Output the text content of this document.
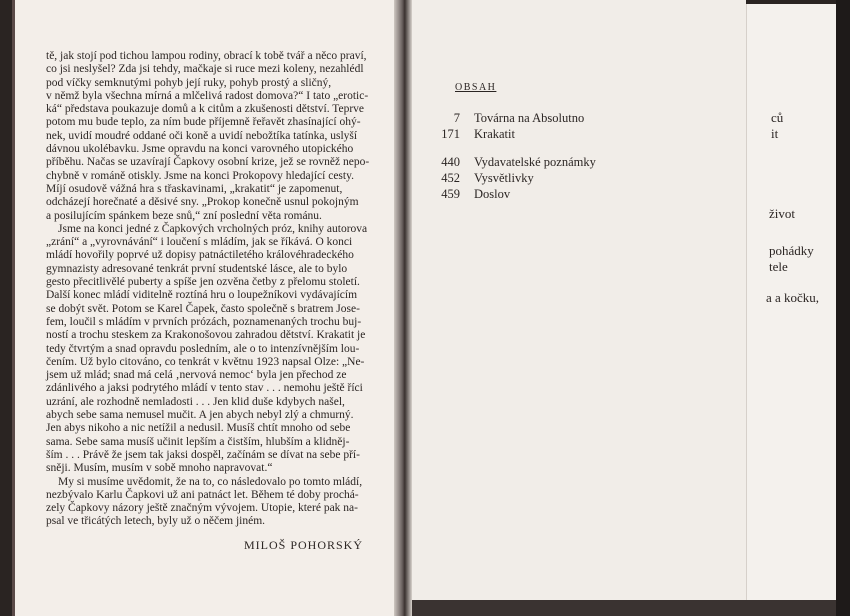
tě, jak stojí pod tichou lampou rodiny, obrací k tobě tvář a něco praví,
co jsi neslyšel? Zda jsi tehdy, mačkaje si ruce mezi koleny, nezahlédl
pod víčky semknutými pohyb její ruky, pohyb prostý a sličný,
v němž byla všechna mírná a mlčelivá radost domova?“ I tato „erotic-
ká“ představa poukazuje domů a k citům a zkušenosti dětství. Teprve
potom mu bude teplo, za ním bude příjemně řeřavět zhasínající ohý-
nek, uvidí moudré oddané oči koně a uvidí nebožtíka tatínka, uslyší
dávnou ukolébavku. Jsme opravdu na konci varovného utopického
příběhu. Načas se uzavírají Čapkovy osobní krize, jež se rovněž nepo-
chybně v románě otiskly. Jsme na konci Prokopovy hledající cesty.
Míjí osudově vážná hra s třaskavinami, „krakatit“ je zapomenut,
odcházejí horečnaté a děsivé sny. „Prokop konečně usnul pokojným
a posilujícím spánkem beze snů,“ zní poslední věta románu.
Jsme na konci jedné z Čapkových vrcholných próz, knihy autorova
„zrání“ a „vyrovnávání“ i loučení s mládím, jak se říkává. O konci
mládí hovořily poprvé už dopisy patnáctiletého královéhradeckého
gymnazisty adresované tenkrát první studentské lásce, ale to bylo
gesto přecitlivělé puberty a spíše jen ozvěna četby z přelomu století.
Další konec mládí viditelně roztíná hru o loupežníkovi vydávajícím
se dobýt svět. Potom se Karel Čapek, často společně s bratrem Jose-
fem, loučil s mládím v prvních prózách, poznamenaných trochu buj-
ností a trochu steskem za Krakonošovou zahradou dětství. Krakatit je
tedy čtvrtým a snad opravdu posledním, ale o to intenzívnějším lou-
čením. Už bylo citováno, co tenkrát v květnu 1923 napsal Olze: „Ne-
jsem už mlád; snad má celá ‚nervová nemoc‘ byla jen přechod ze
zdánlivého a jaksi podrytého mládí v tento stav . . . nemohu ještě říci
uzrání, ale rozhodně nemladosti . . . Jen klid duše kdybych našel,
abych sebe sama nemusel mučit. A jen abych nebyl zlý a chmurný.
Jen abys nikoho a nic netížil a nedusil. Musíš chtít mnoho od sebe
sama. Sebe sama musíš učinit lepším a čistším, hlubším a klidněj-
ším . . . Právě že jsem tak jaksi dospěl, začínám se dívat na sebe pří-
sněji. Musím, musím v sobě mnoho napravovat.“
My si musíme uvědomit, že na to, co následovalo po tomto mládí,
nezbývalo Karlu Čapkovi už ani patnáct let. Během té doby prochá-
zely Čapkovy názory ještě značným vývojem. Utopie, které pak na-
psal ve třicátých letech, byly už o něčem jiném.
MILOŠ POHORSKÝ
OBSAH
7 Továrna na Absolutno
171 Krakatit
440 Vydavatelské poznámky
452 Vysvětlivky
459 Doslov
ců
it
život
pohádky
tele
a a kočku,
